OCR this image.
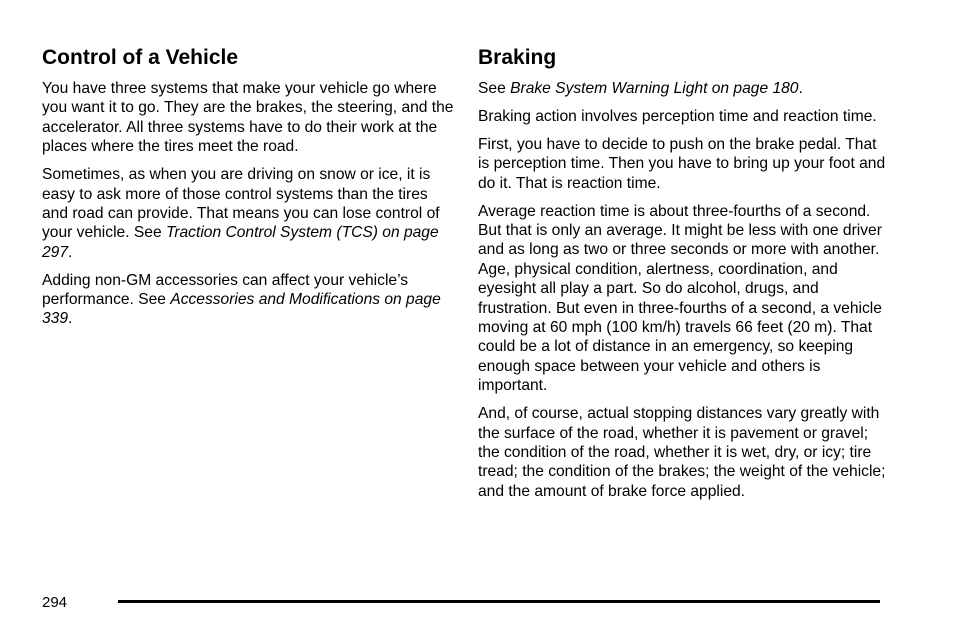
Control of a Vehicle

You have three systems that make your vehicle go where you want it to go. They are the brakes, the steering, and the accelerator. All three systems have to do their work at the places where the tires meet the road.

Sometimes, as when you are driving on snow or ice, it is easy to ask more of those control systems than the tires and road can provide. That means you can lose control of your vehicle. See Traction Control System (TCS) on page 297.

Adding non-GM accessories can affect your vehicle’s performance. See Accessories and Modifications on page 339.

Braking

See Brake System Warning Light on page 180.

Braking action involves perception time and reaction time.

First, you have to decide to push on the brake pedal. That is perception time. Then you have to bring up your foot and do it. That is reaction time.

Average reaction time is about three-fourths of a second. But that is only an average. It might be less with one driver and as long as two or three seconds or more with another. Age, physical condition, alertness, coordination, and eyesight all play a part. So do alcohol, drugs, and frustration. But even in three-fourths of a second, a vehicle moving at 60 mph (100 km/h) travels 66 feet (20 m). That could be a lot of distance in an emergency, so keeping enough space between your vehicle and others is important.

And, of course, actual stopping distances vary greatly with the surface of the road, whether it is pavement or gravel; the condition of the road, whether it is wet, dry, or icy; tire tread; the condition of the brakes; the weight of the vehicle; and the amount of brake force applied.

294
